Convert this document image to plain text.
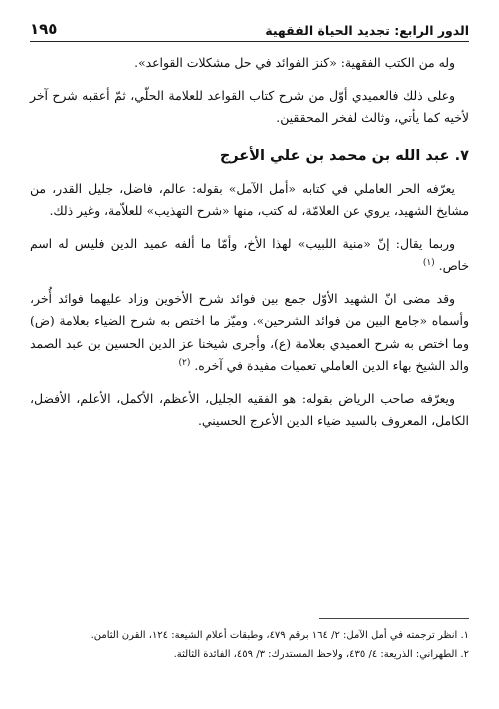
الدور الرابع: تجديد الحياة الفقهية
١٩٥

وله من الكتب الفقهية: «كنز الفوائد في حل مشكلات القواعد».

وعلى ذلك فالعميدي أوّل من شرح كتاب القواعد للعلامة الحلّي، ثمّ أعقبه شرح آخر لأخيه كما يأتي، وثالث لفخر المحققين.

٧. عبد الله بن محمد بن علي الأعرج

يعرّفه الحر العاملي في كتابه «أمل الآمل» بقوله: عالم، فاضل، جليل القدر، من مشايخ الشهيد، يروي عن العلامّة، له كتب، منها «شرح التهذيب» للعلاّمة، وغير ذلك.

وربما يقال: إنّ «منية اللبيب» لهذا الأخ، وأمّا ما ألفه عميد الدين فليس له اسم خاص. $^{(١)}$

وقد مضى انّ الشهيد الأوّل جمع بين فوائد شرح الأخوين وزاد عليهما فوائد أُخر، وأسماه «جامع البين من فوائد الشرحين». وميّز ما اختص به شرح الضياء بعلامة (ض) وما اختص به شرح العميدي بعلامة (ع)، وأجرى شيخنا عز الدين الحسين بن عبد الصمد والد الشيخ بهاء الدين العاملي تعميات مفيدة في آخره. $^{(٢)}$

ويعرّفه صاحب الرياض بقوله: هو الفقيه الجليل، الأعظم، الأكمل، الأعلم، الأفضل، الكامل، المعروف بالسيد ضياء الدين الأعرج الحسيني.

١. انظر ترجمته في أمل الآمل: ٢/ ١٦٤ برقم ٤٧٩، وطبقات أعلام الشيعة: ١٢٤، القرن الثامن.

٢. الطهراني: الذريعة: ٤/ ٤٣٥، ولاحظ المستدرك: ٣/ ٤٥٩، الفائدة الثالثة.
